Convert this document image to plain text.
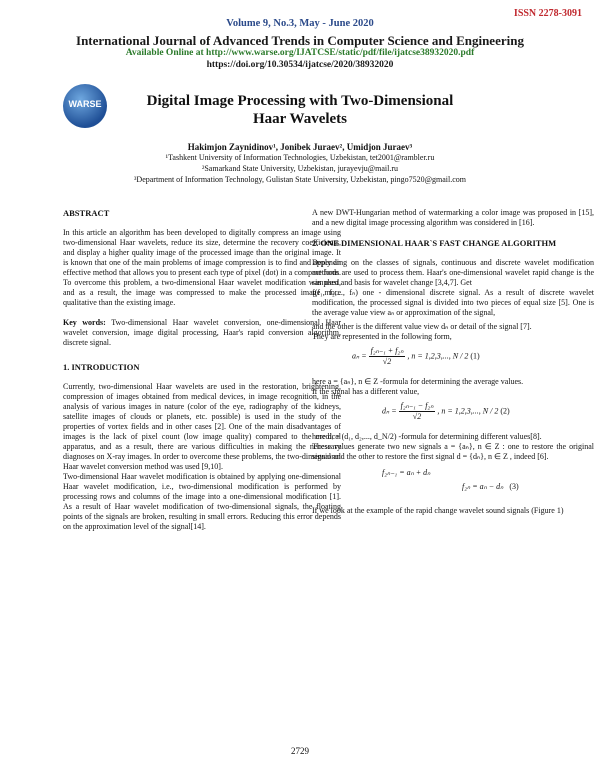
ISSN 2278-3091
Volume 9, No.3, May - June 2020
International Journal of Advanced Trends in Computer Science and Engineering
Available Online at http://www.warse.org/IJATCSE/static/pdf/file/ijatcse38932020.pdf
https://doi.org/10.30534/ijatcse/2020/38932020
WARSE	Digital Image Processing with Two-Dimensional
Haar Wavelets
Hakimjon Zaynidinov¹, Jonibek Juraev², Umidjon Juraev³
¹Tashkent University of Information Technologies, Uzbekistan, tet2001@rambler.ru
²Samarkand State University, Uzbekistan, jurayevju@mail.ru
³Department of Information Technology, Gulistan State University, Uzbekistan, pingo7520@gmail.com
ABSTRACT
In this article an algorithm has been developed to digitally compress an image using two-dimensional Haar wavelets, reduce its size, determine the recovery coefficients, and display a higher quality image of the processed image than the original image. It is known that one of the main problems of image compression is to find and apply an effective method that allows you to present each type of pixel (dot) in a compact form. To overcome this problem, a two-dimensional Haar wavelet modification was used, and as a result, the image was compressed to make the processed image more qualitative than the existing image.
Key words: Two-dimensional Haar wavelet conversion, one-dimensional Haar wavelet conversion, image digital processing, Haar's rapid conversion algorithm, discrete signal.
1. INTRODUCTION
Currently, two-dimensional Haar wavelets are used in the restoration, brightening, compression of images obtained from medical devices, in image recognition, in the analysis of various images in nature (color of the eye, radiography of the kidneys, satellite images of clouds or planets, etc. possible) is used in the study of the properties of vortex fields and in other cases [2]. One of the main disadvantages of images is the lack of pixel count (low image quality) compared to the medical apparatus, and as a result, there are various difficulties in making the necessary diagnoses on X-ray images. In order to overcome these problems, the two-dimensional Haar wavelet conversion method was used [9,10].
Two-dimensional Haar wavelet modification is obtained by applying one-dimensional Haar wavelet modification, i.e., two-dimensional modification is performed by processing rows and columns of the image into a one-dimensional modification [1]. As a result of Haar wavelet modification of two-dimensional signals, the floating points of the signals are broken, resulting in small errors. Reducing this error depends on the approximation level of the signal[14].
A new DWT-Hungarian method of watermarking a color image was proposed in [15], and a new digital image processing algorithm was considered in [16].
2. ONE DIMENSIONAL HAAR`S FAST CHANGE ALGORITHM
Depending on the classes of signals, continuous and discrete wavelet modification methods are used to process them. Haar's one-dimensional wavelet rapid change is the simplest and basis for wavelet change [3,4,7]. Get
f(f₁, f₂,..., fₙ) one - dimensional discrete signal. As a result of discrete wavelet modification, the processed signal is divided into two pieces of equal size [5]. One is the average value view aₙ or approximation of the signal,
and the other is the different value view dₙ or detail of the signal [7].
They are represented in the following form,
$a_n = \frac{\text{f₂ₙ₋₁ + f₂ₙ}}{√2}$ , n = 1,2,3,..., N / 2 (1)
here a = {aₙ}, n ∈ Z -formula for determining the average values.
If the signal has a different value,
$d_n = \frac{\text{f₂ₙ₋₁ − f₂ₙ}}{√2}$ , n = 1,2,3,..., N / 2 (2)
here dᵢ = (d₁, d₂,..., d_N/2) -formula for determining different values[8].
These values generate two new signals a = {aₙ}, n ∈ Z : one to restore the original signal and the other to restore the first signal d = {dₙ}, n ∈ Z , indeed [6].
f₂ₙ₋₁ = aₙ + dₙ
f₂ₙ = aₙ − dₙ (3)
If we look at the example of the rapid change wavelet sound signals (Figure 1)
2729
